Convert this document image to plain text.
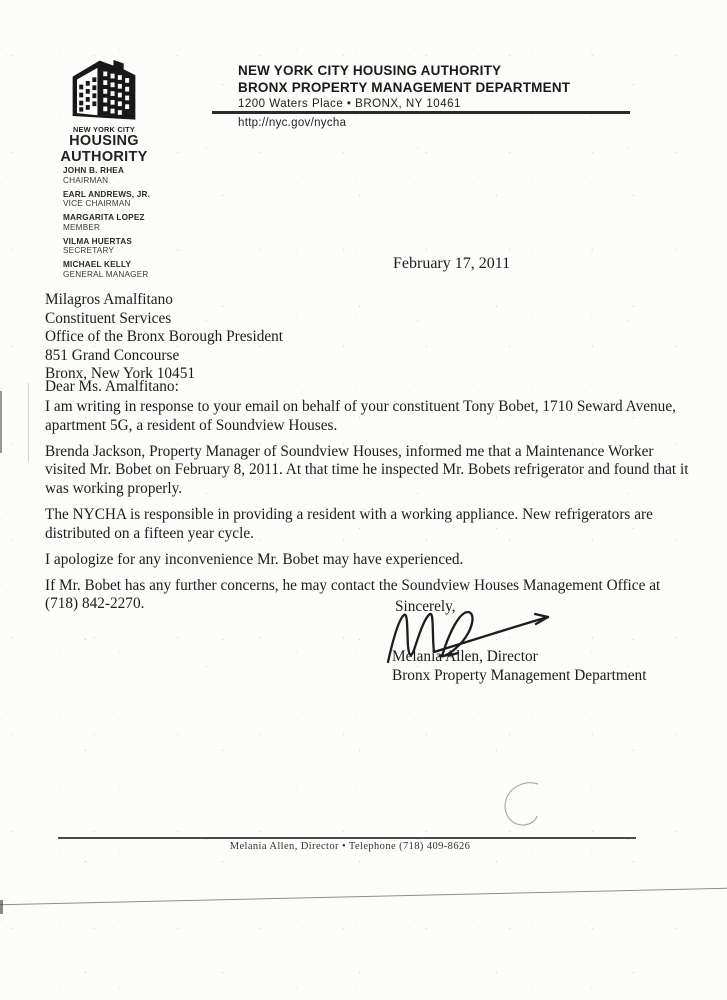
NEW YORK CITY
HOUSING
AUTHORITY
NEW YORK CITY HOUSING AUTHORITY
BRONX PROPERTY MANAGEMENT DEPARTMENT
1200 Waters Place • BRONX, NY 10461
http://nyc.gov/nycha
JOHN B. RHEA
CHAIRMAN
EARL ANDREWS, JR.
VICE CHAIRMAN
MARGARITA LOPEZ
MEMBER
VILMA HUERTAS
SECRETARY
MICHAEL KELLY
GENERAL MANAGER
February 17, 2011
Milagros Amalfitano
Constituent Services
Office of the Bronx Borough President
851 Grand Concourse
Bronx, New York 10451
Dear Ms. Amalfitano:

I am writing in response to your email on behalf of your constituent Tony Bobet, 1710 Seward Avenue, apartment 5G, a resident of Soundview Houses.

Brenda Jackson, Property Manager of Soundview Houses, informed me that a Maintenance Worker visited Mr. Bobet on February 8, 2011. At that time he inspected Mr. Bobets refrigerator and found that it was working properly.

The NYCHA is responsible in providing a resident with a working appliance. New refrigerators are distributed on a fifteen year cycle.

I apologize for any inconvenience Mr. Bobet may have experienced.

If Mr. Bobet has any further concerns, he may contact the Soundview Houses Management Office at (718) 842-2270.	Sincerely,
Melania Allen, Director
Bronx Property Management Department
Melania Allen, Director • Telephone (718) 409-8626
